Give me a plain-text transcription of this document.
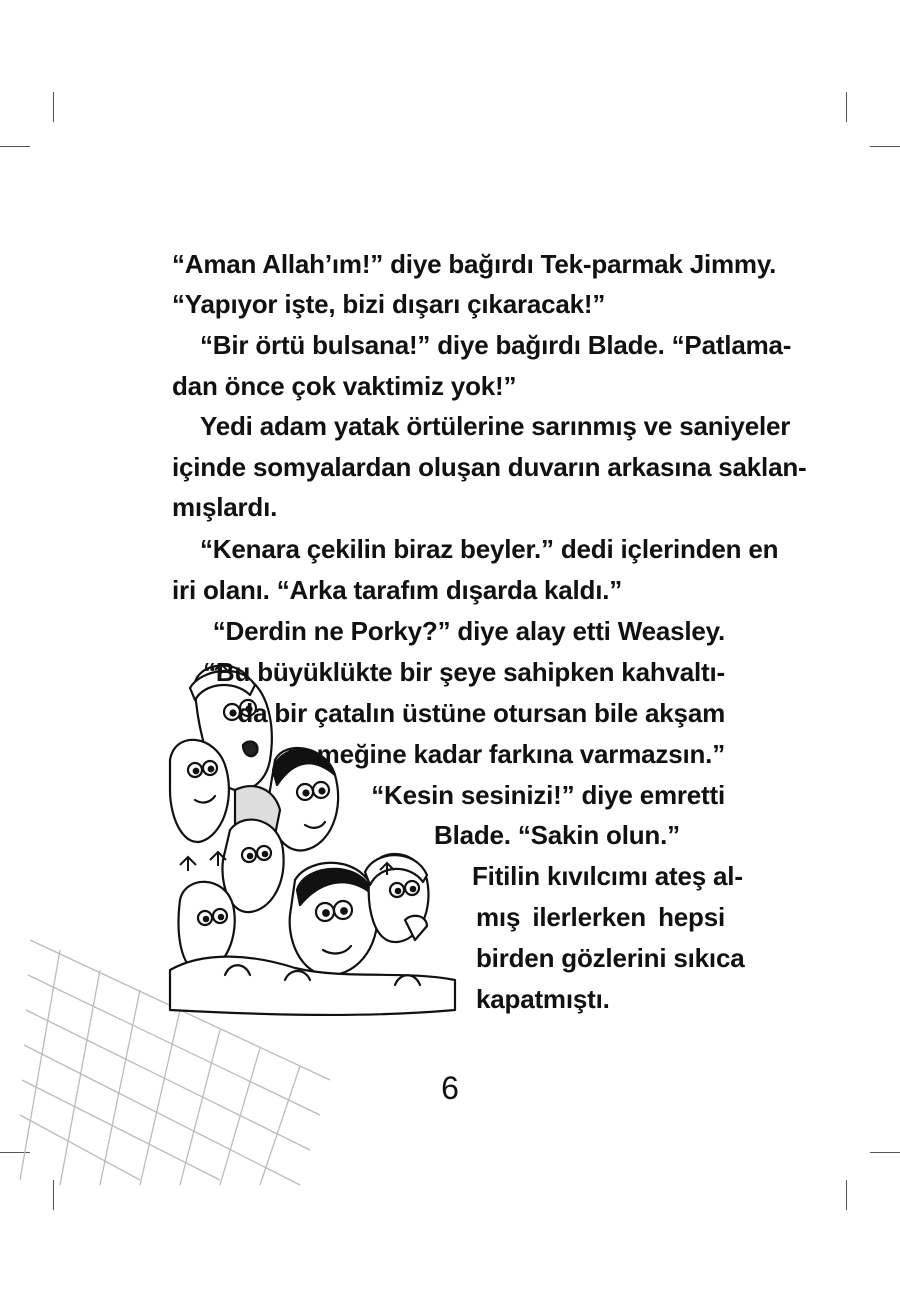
“Aman Allah’ım!” diye bağırdı Tek-parmak Jimmy.
“Yapıyor işte, bizi dışarı çıkaracak!”
“Bir örtü bulsana!” diye bağırdı Blade. “Patlama-
dan önce çok vaktimiz yok!”
Yedi adam yatak örtülerine sarınmış ve saniyeler
içinde somyalardan oluşan duvarın arkasına saklan-
mışlardı.
“Kenara çekilin biraz beyler.” dedi içlerinden en
iri olanı. “Arka tarafım dışarda kaldı.”
“Derdin ne Porky?” diye alay etti Weasley.
“Bu büyüklükte bir şeye sahipken kahvaltı-
da bir çatalın üstüne otursan bile akşam
yemeğine kadar farkına varmazsın.”
“Kesin sesinizi!” diye emretti
Blade. “Sakin olun.”
Fitilin kıvılcımı ateş al-
mış ilerlerken hepsi
birden gözlerini sıkıca
kapatmıştı.
6
